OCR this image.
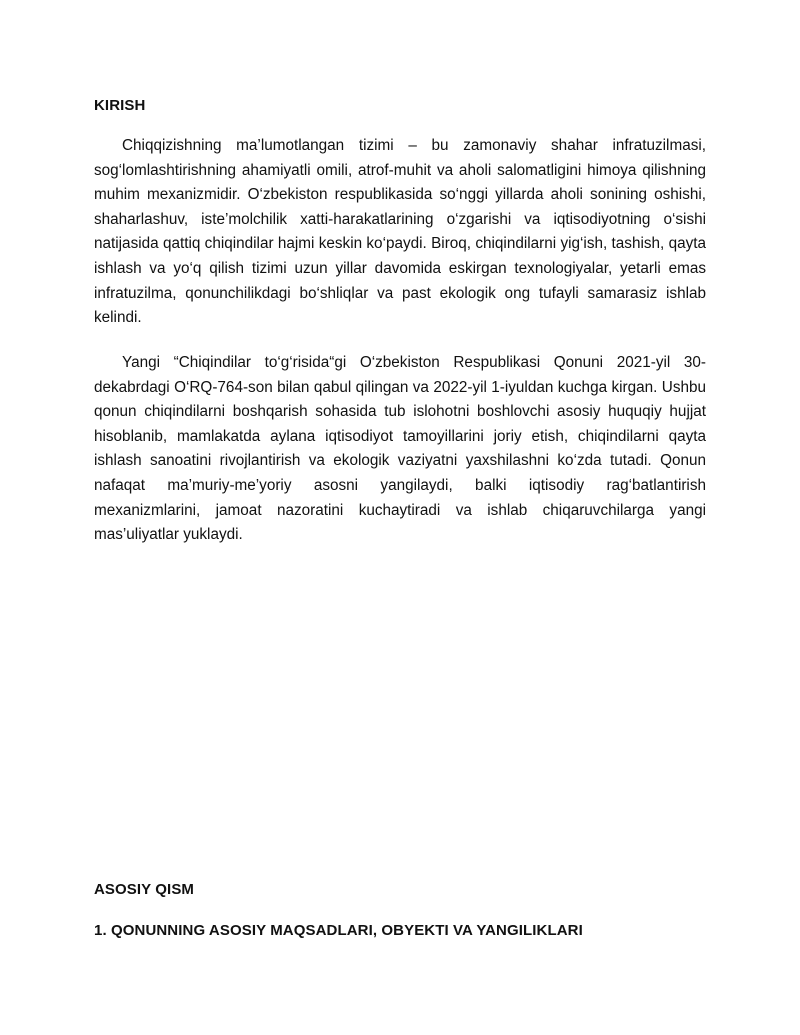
KIRISH

Chiqqizishning ma’lumotlangan tizimi – bu zamonaviy shahar infratuzilmasi, sog‘lomlashtirishning ahamiyatli omili, atrof-muhit va aholi salomatligini himoya qilishning muhim mexanizmidir. O‘zbekiston respublikasida so‘nggi yillarda aholi sonining oshishi, shaharlashuv, iste’molchilik xatti-harakatlarining o‘zgarishi va iqtisodiyotning o‘sishi natijasida qattiq chiqindilar hajmi keskin ko‘paydi. Biroq, chiqindilarni yig‘ish, tashish, qayta ishlash va yo‘q qilish tizimi uzun yillar davomida eskirgan texnologiyalar, yetarli emas infratuzilma, qonunchilikdagi bo‘shliqlar va past ekologik ong tufayli samarasiz ishlab kelindi.

Yangi “Chiqindilar to‘g‘risida“gi O‘zbekiston Respublikasi Qonuni 2021-yil 30-dekabrdagi O‘RQ-764-son bilan qabul qilingan va 2022-yil 1-iyuldan kuchga kirgan. Ushbu qonun chiqindilarni boshqarish sohasida tub islohotni boshlovchi asosiy huquqiy hujjat hisoblanib, mamlakatda aylana iqtisodiyot tamoyillarini joriy etish, chiqindilarni qayta ishlash sanoatini rivojlantirish va ekologik vaziyatni yaxshilashni ko‘zda tutadi. Qonun nafaqat ma’muriy-me’yoriy asosni yangilaydi, balki iqtisodiy rag‘batlantirish mexanizmlarini, jamoat nazoratini kuchaytiradi va ishlab chiqaruvchilarga yangi mas’uliyatlar yuklaydi.

ASOSIY QISM
1. QONUNNING ASOSIY MAQSADLARI, OBYEKTI VA YANGILIKLARI
